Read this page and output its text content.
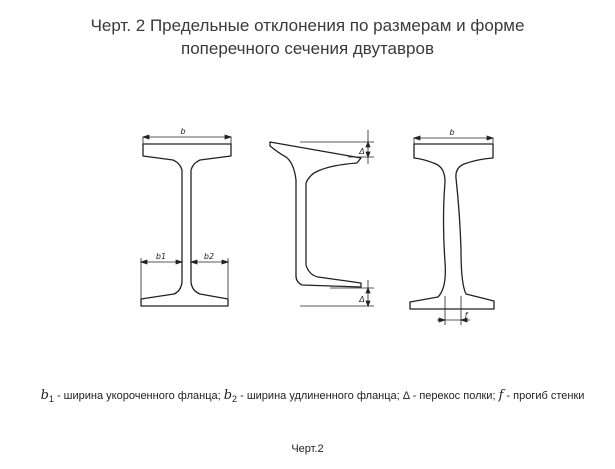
Черт. 2 Предельные отклонения по размерам и форме
поперечного сечения двутавров
b
b1	b2
Δ
Δ
b
f
$b_1$ - ширина укороченного фланца; $b_2$ - ширина удлиненного фланца; Δ - перекос полки; f - прогиб стенки
Черт.2
